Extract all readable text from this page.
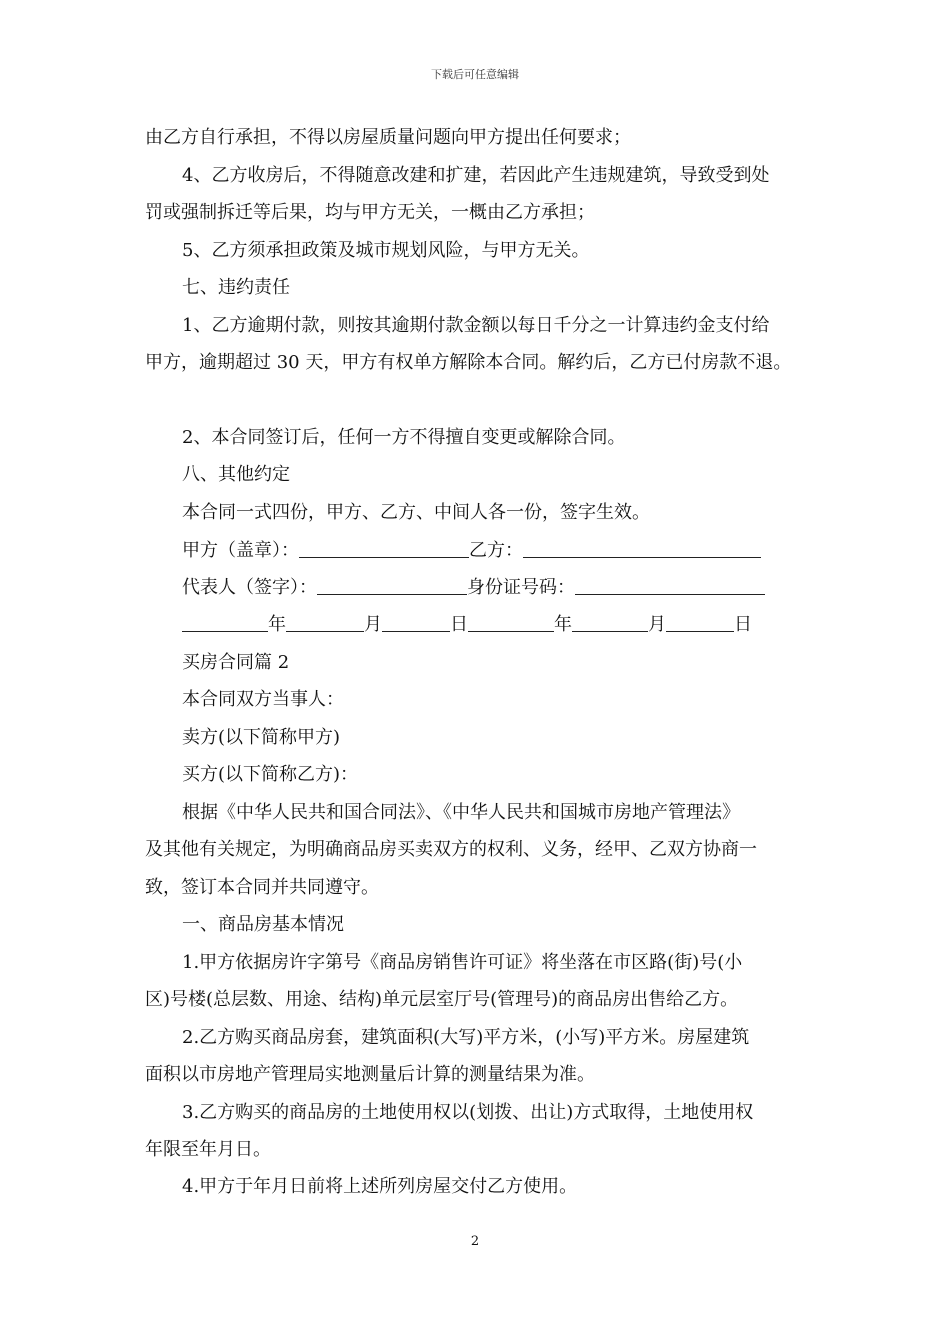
下载后可任意编辑
由乙方自行承担，不得以房屋质量问题向甲方提出任何要求；
4、乙方收房后，不得随意改建和扩建，若因此产生违规建筑，导致受到处
罚或强制拆迁等后果，均与甲方无关，一概由乙方承担；
5、乙方须承担政策及城市规划风险，与甲方无关。
七、违约责任
1、乙方逾期付款，则按其逾期付款金额以每日千分之一计算违约金支付给
甲方，逾期超过 30 天，甲方有权单方解除本合同。解约后，乙方已付房款不退。
2、本合同签订后，任何一方不得擅自变更或解除合同。
八、其他约定
本合同一式四份，甲方、乙方、中间人各一份，签字生效。
甲方（盖章）：	乙方：
代表人（签字）：	身份证号码：
年	月	日	年	月	日
买房合同篇 2
本合同双方当事人：
卖方(以下简称甲方)
买方(以下简称乙方)：
根据《中华人民共和国合同法》、《中华人民共和国城市房地产管理法》
及其他有关规定，为明确商品房买卖双方的权利、义务，经甲、乙双方协商一
致，签订本合同并共同遵守。
一、商品房基本情况
1.甲方依据房许字第号《商品房销售许可证》将坐落在市区路(街)号(小
区)号楼(总层数、用途、结构)单元层室厅号(管理号)的商品房出售给乙方。
2.乙方购买商品房套，建筑面积(大写)平方米，(小写)平方米。房屋建筑
面积以市房地产管理局实地测量后计算的测量结果为准。
3.乙方购买的商品房的土地使用权以(划拨、出让)方式取得，土地使用权
年限至年月日。
4.甲方于年月日前将上述所列房屋交付乙方使用。
2
